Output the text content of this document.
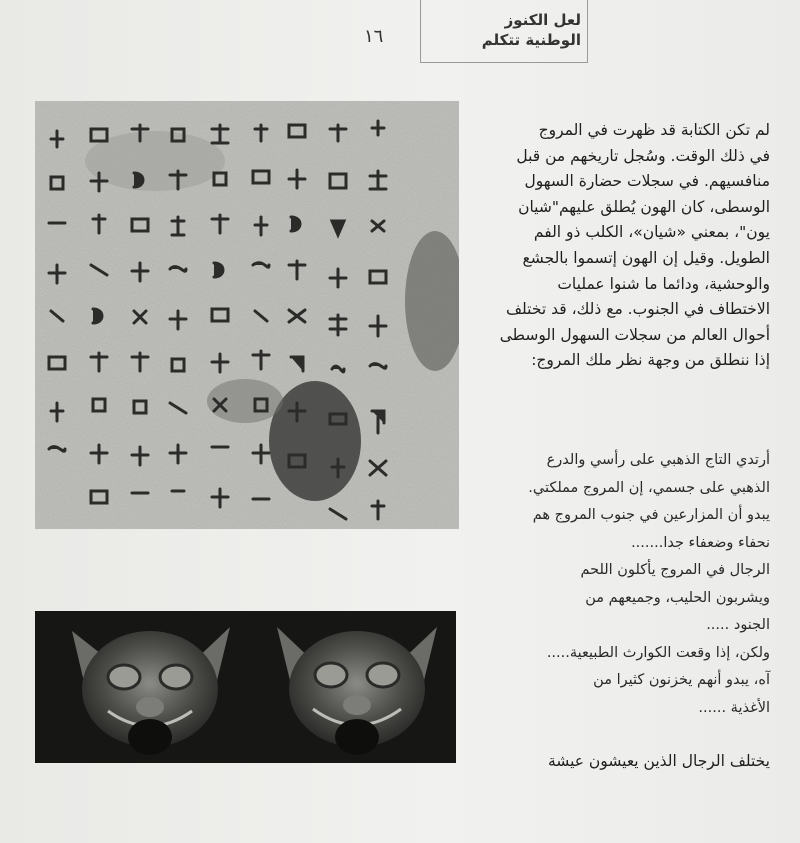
لعل الكنوز
الوطنية تتكلم
١٦
لم تكن الكتابة قد ظهرت في المروج
في ذلك الوقت. وسُجل تاريخهم من قبل
منافسيهم. في سجلات حضارة السهول
الوسطى، كان الهون يُطلق عليهم"شيان
يون"، بمعني «شيان»، الكلب ذو الفم
الطويل. وقيل إن الهون إتسموا بالجشع
والوحشية، ودائما ما شنوا عمليات
الاختطاف في الجنوب. مع ذلك، قد تختلف
أحوال العالم من سجلات السهول الوسطى
إذا ننطلق من وجهة نظر ملك المروج:
أرتدي التاج الذهبي على رأسي والدرع
الذهبي على جسمي، إن المروج مملكتي.
يبدو أن المزارعين في جنوب المروج هم
نحفاء وضعفاء جدا.......
الرجال في المروج يأكلون اللحم
ويشربون الحليب، وجميعهم من
الجنود .....
ولكن، إذا وقعت الكوارث الطبيعية.....
آه، يبدو أنهم يخزنون كثيرا من
الأغذية ......
يختلف الرجال الذين يعيشون عيشة
